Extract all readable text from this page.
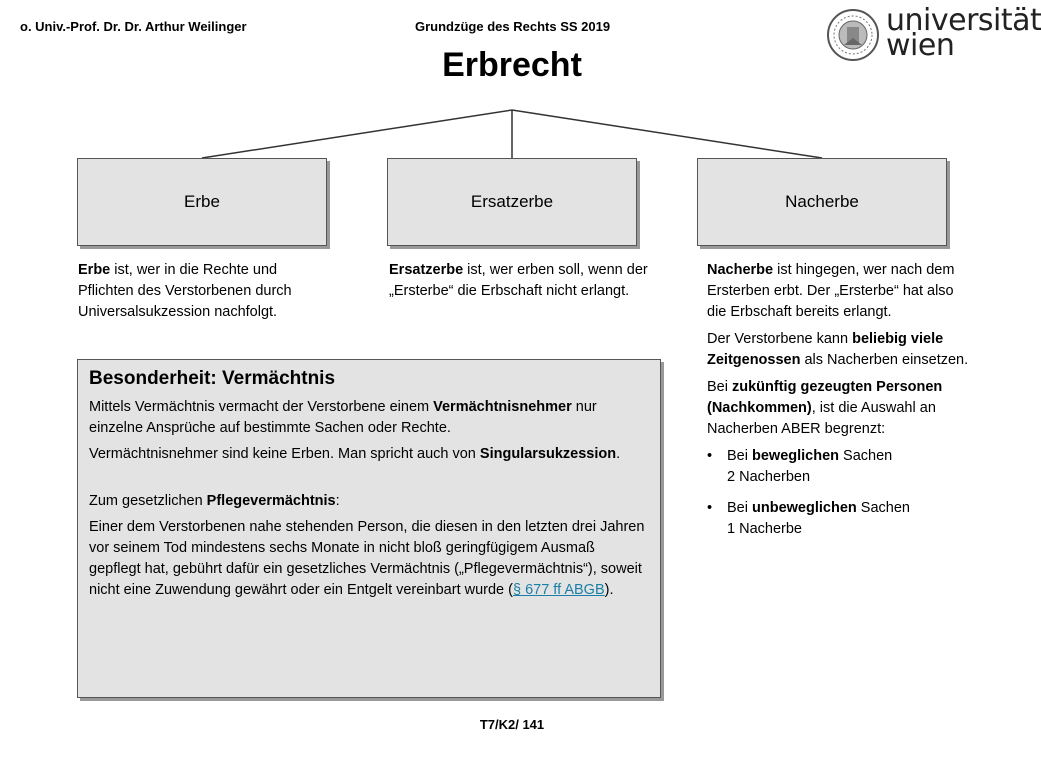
o. Univ.-Prof. Dr. Dr. Arthur Weilinger	Grundzüge des Rechts SS 2019	universität
wien
Erbrecht
Erbe	Ersatzerbe	Nacherbe

Erbe ist, wer in die Rechte und Pflichten des Verstorbenen durch Universalsukzession nachfolgt.

Ersatzerbe ist, wer erben soll, wenn der „Ersterbe“ die Erbschaft nicht erlangt.

Nacherbe ist hingegen, wer nach dem Ersterben erbt. Der „Ersterbe“ hat also die Erbschaft bereits erlangt.

Der Verstorbene kann beliebig viele Zeitgenossen als Nacherben einsetzen.

Bei zukünftig gezeugten Personen (Nachkommen), ist die Auswahl an Nacherben ABER begrenzt:

• Bei beweglichen Sachen
2 Nacherben
• Bei unbeweglichen Sachen
1 Nacherbe
Besonderheit: Vermächtnis

Mittels Vermächtnis vermacht der Verstorbene einem Vermächtnisnehmer nur einzelne Ansprüche auf bestimmte Sachen oder Rechte.

Vermächtnisnehmer sind keine Erben. Man spricht auch von Singularsukzession.

Zum gesetzlichen Pflegevermächtnis:

Einer dem Verstorbenen nahe stehenden Person, die diesen in den letzten drei Jahren vor seinem Tod mindestens sechs Monate in nicht bloß geringfügigem Ausmaß gepflegt hat, gebührt dafür ein gesetzliches Vermächtnis („Pflegevermächtnis“), soweit nicht eine Zuwendung gewährt oder ein Entgelt vereinbart wurde (§ 677 ff ABGB).

T7/K2/ 141
